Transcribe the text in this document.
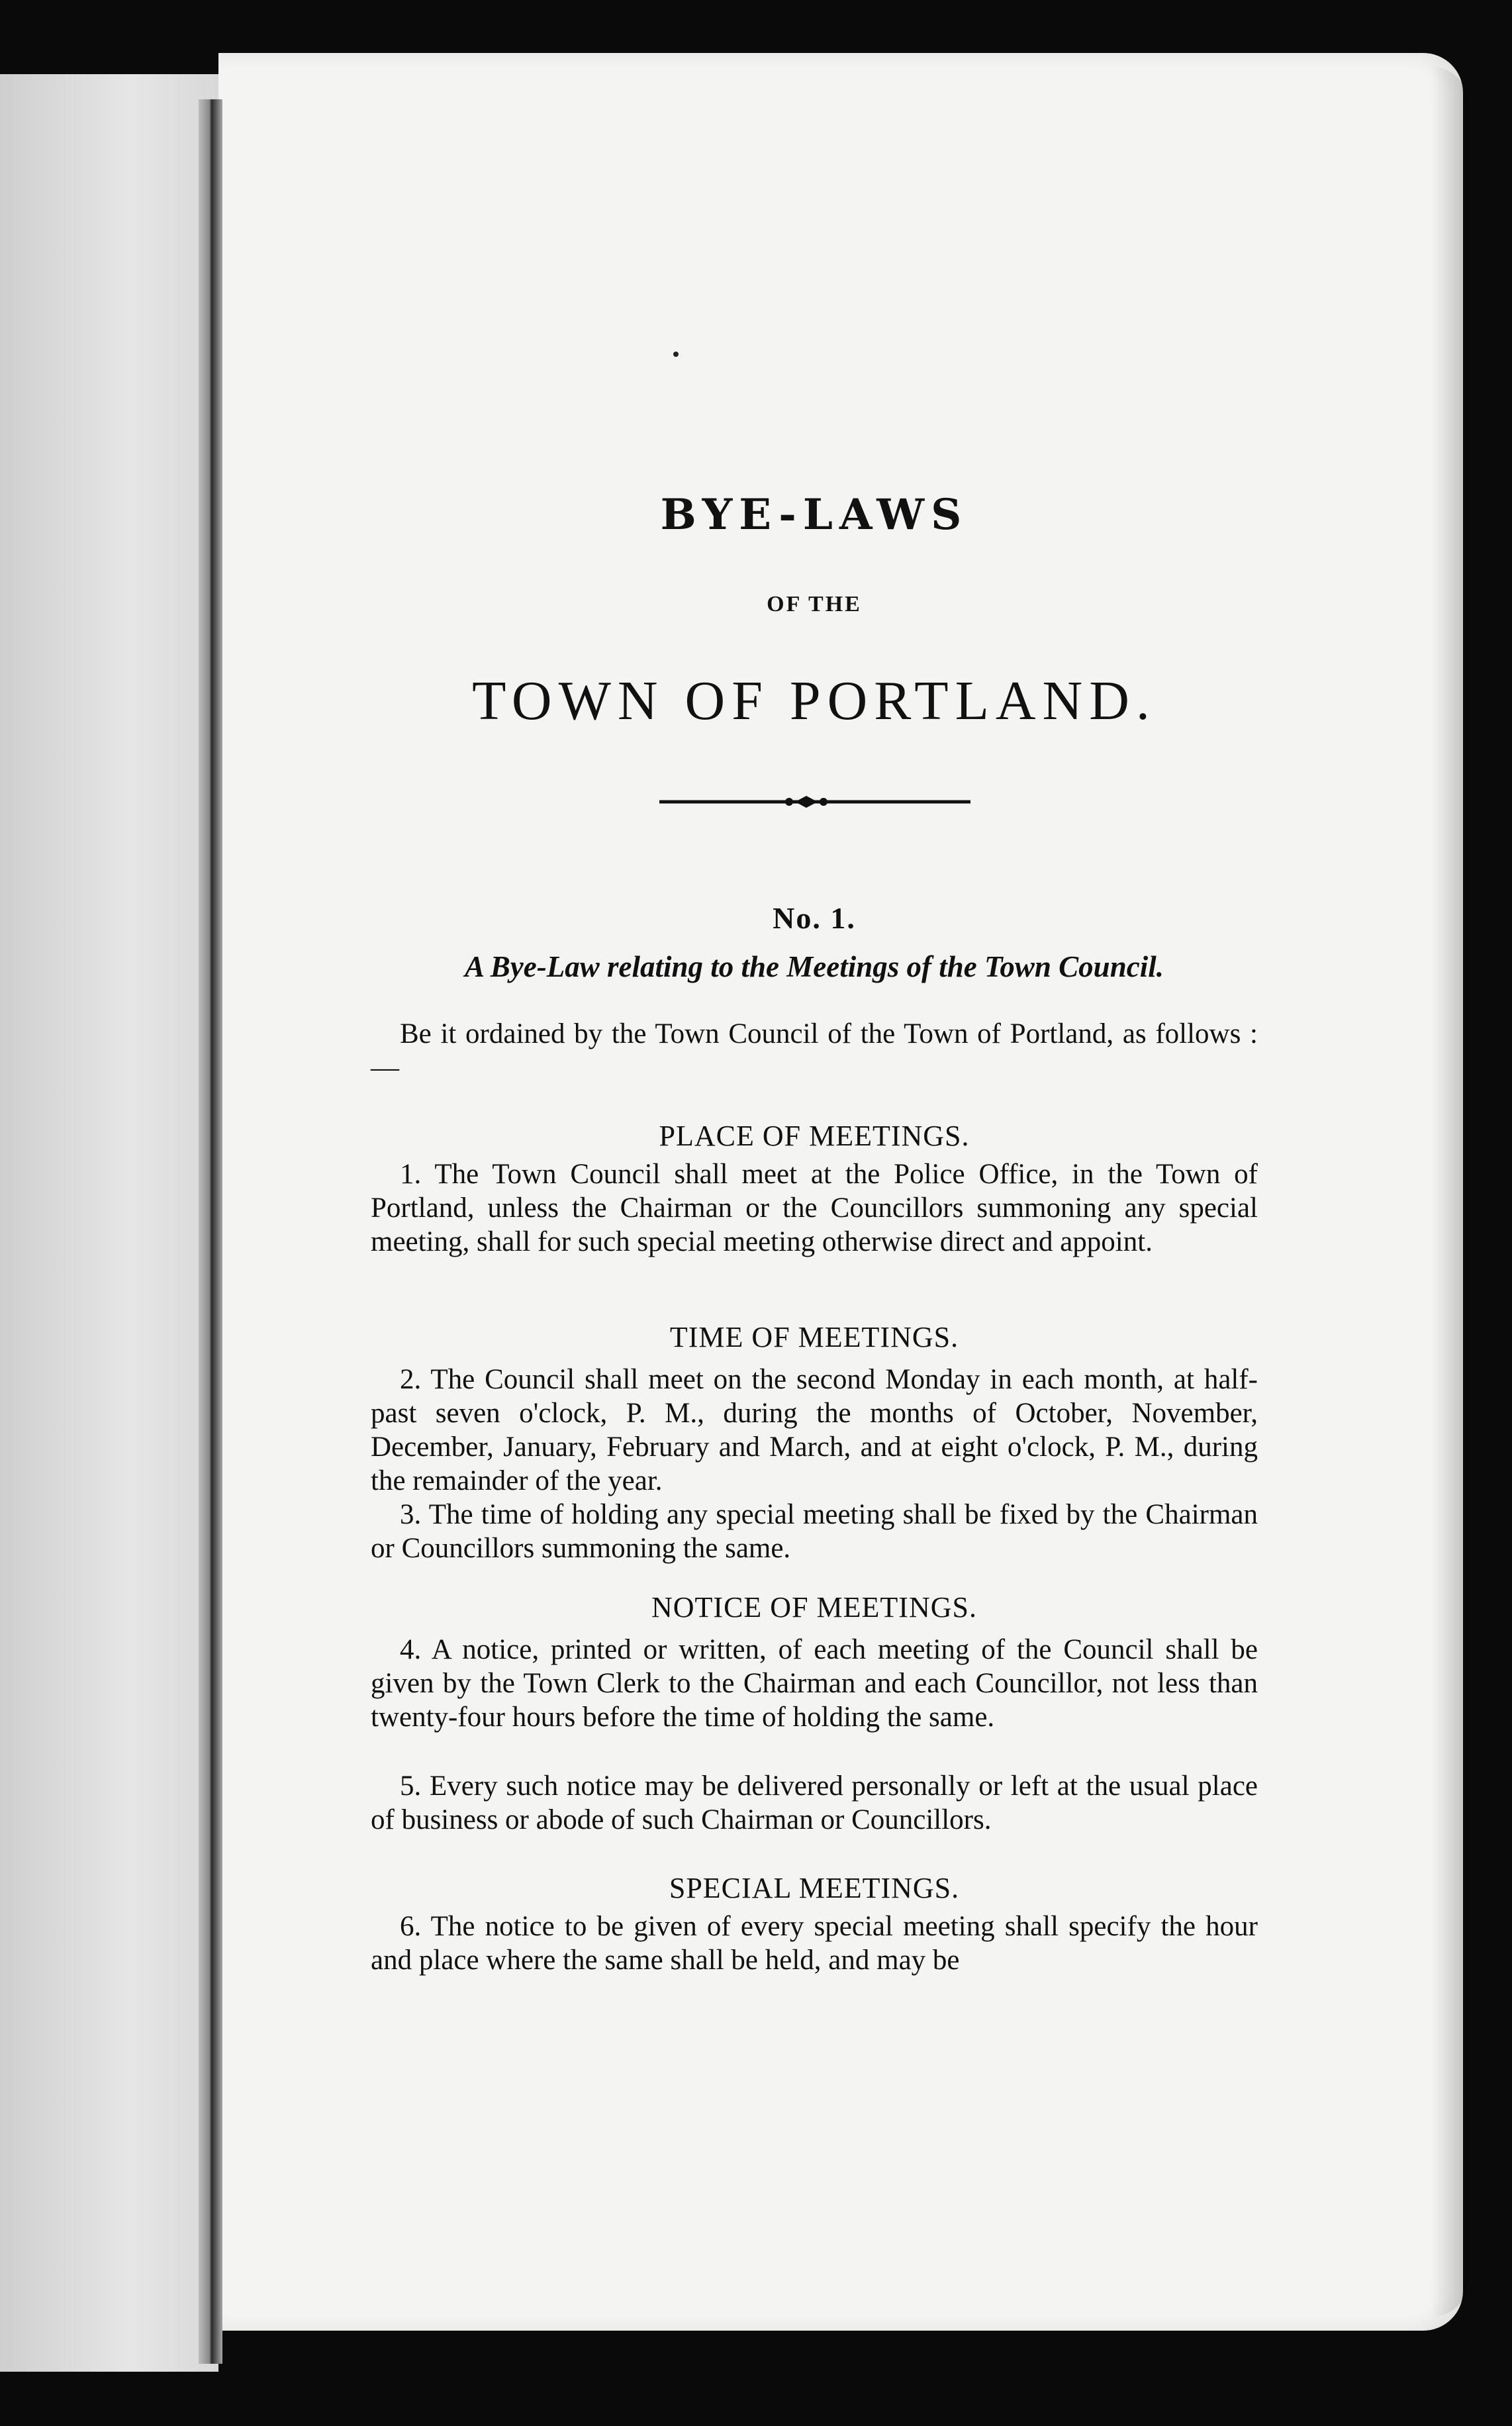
BYE-LAWS
OF THE
TOWN OF PORTLAND.
No. 1.
A Bye-Law relating to the Meetings of the Town Council.
Be it ordained by the Town Council of the Town of Portland, as follows :—
PLACE OF MEETINGS.
1. The Town Council shall meet at the Police Office, in the Town of Portland, unless the Chairman or the Councillors summoning any special meeting, shall for such special meeting otherwise direct and appoint.
TIME OF MEETINGS.
2. The Council shall meet on the second Monday in each month, at half-past seven o'clock, P. M., during the months of October, November, December, January, February and March, and at eight o'clock, P. M., during the remainder of the year.
3. The time of holding any special meeting shall be fixed by the Chairman or Councillors summoning the same.
NOTICE OF MEETINGS.
4. A notice, printed or written, of each meeting of the Council shall be given by the Town Clerk to the Chairman and each Councillor, not less than twenty-four hours before the time of holding the same.
5. Every such notice may be delivered personally or left at the usual place of business or abode of such Chairman or Councillors.
SPECIAL MEETINGS.
6. The notice to be given of every special meeting shall specify the hour and place where the same shall be held, and may be
